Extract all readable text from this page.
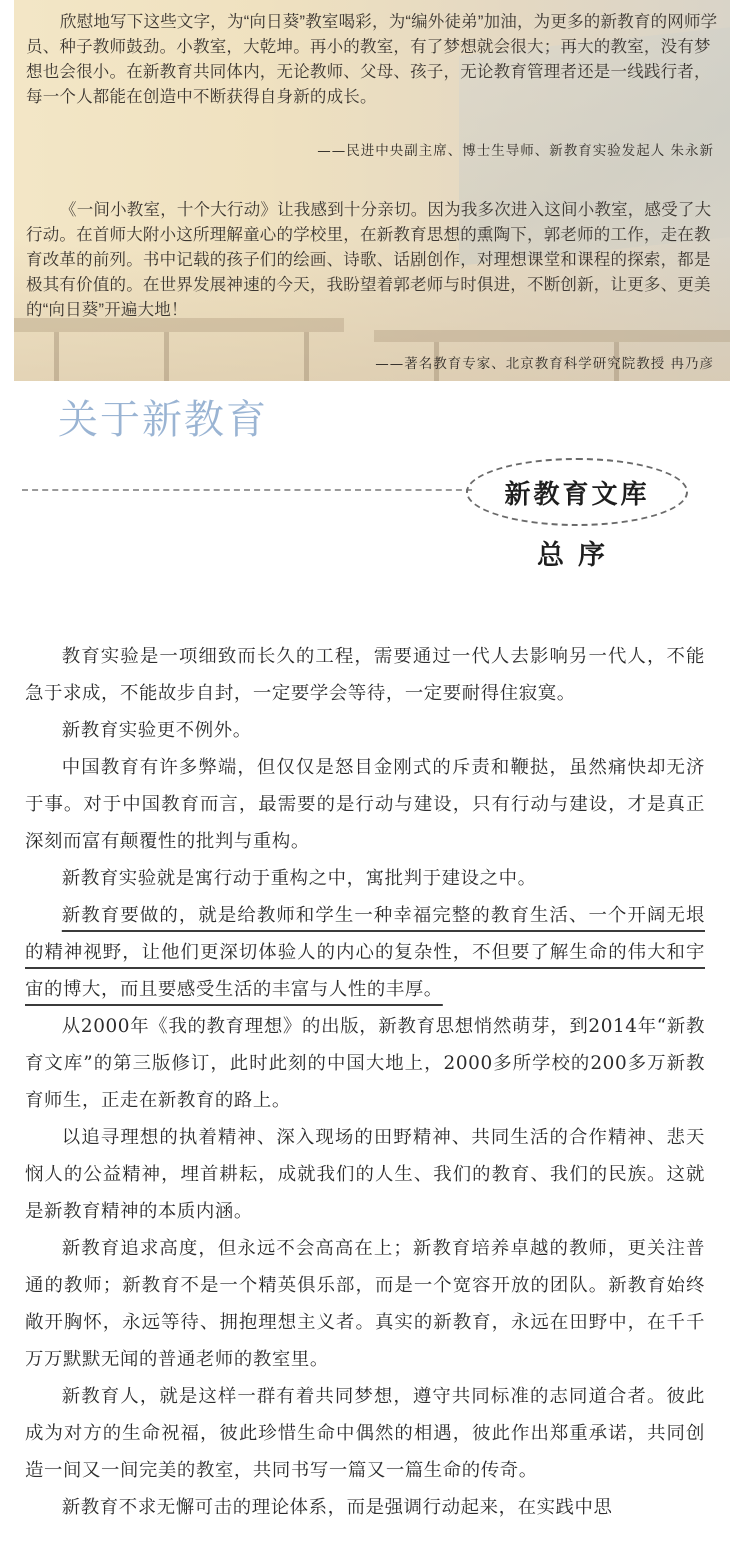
欣慰地写下这些文字，为“向日葵”教室喝彩，为“编外徒弟”加油，为更多的新教育的网师学员、种子教师鼓劲。小教室，大乾坤。再小的教室，有了梦想就会很大；再大的教室，没有梦想也会很小。在新教育共同体内，无论教师、父母、孩子，无论教育管理者还是一线践行者，每一个人都能在创造中不断获得自身新的成长。

——民进中央副主席、博士生导师、新教育实验发起人 朱永新

《一间小教室，十个大行动》让我感到十分亲切。因为我多次进入这间小教室，感受了大行动。在首师大附小这所理解童心的学校里，在新教育思想的熏陶下，郭老师的工作，走在教育改革的前列。书中记载的孩子们的绘画、诗歌、话剧创作，对理想课堂和课程的探索，都是极其有价值的。在世界发展神速的今天，我盼望着郭老师与时俱进，不断创新，让更多、更美的“向日葵”开遍大地！

——著名教育专家、北京教育科学研究院教授 冉乃彦

关于新教育
新教育文库
总序

教育实验是一项细致而长久的工程，需要通过一代人去影响另一代人，不能急于求成，不能故步自封，一定要学会等待，一定要耐得住寂寞。

新教育实验更不例外。

中国教育有许多弊端，但仅仅是怒目金刚式的斥责和鞭挞，虽然痛快却无济于事。对于中国教育而言，最需要的是行动与建设，只有行动与建设，才是真正深刻而富有颠覆性的批判与重构。

新教育实验就是寓行动于重构之中，寓批判于建设之中。

新教育要做的，就是给教师和学生一种幸福完整的教育生活、一个开阔无垠的精神视野，让他们更深切体验人的内心的复杂性，不但要了解生命的伟大和宇宙的博大，而且要感受生活的丰富与人性的丰厚。

从2000年《我的教育理想》的出版，新教育思想悄然萌芽，到2014年“新教育文库”的第三版修订，此时此刻的中国大地上，2000多所学校的200多万新教育师生，正走在新教育的路上。

以追寻理想的执着精神、深入现场的田野精神、共同生活的合作精神、悲天悯人的公益精神，埋首耕耘，成就我们的人生、我们的教育、我们的民族。这就是新教育精神的本质内涵。

新教育追求高度，但永远不会高高在上；新教育培养卓越的教师，更关注普通的教师；新教育不是一个精英俱乐部，而是一个宽容开放的团队。新教育始终敞开胸怀，永远等待、拥抱理想主义者。真实的新教育，永远在田野中，在千千万万默默无闻的普通老师的教室里。

新教育人，就是这样一群有着共同梦想，遵守共同标准的志同道合者。彼此成为对方的生命祝福，彼此珍惜生命中偶然的相遇，彼此作出郑重承诺，共同创造一间又一间完美的教室，共同书写一篇又一篇生命的传奇。

新教育不求无懈可击的理论体系，而是强调行动起来，在实践中思
